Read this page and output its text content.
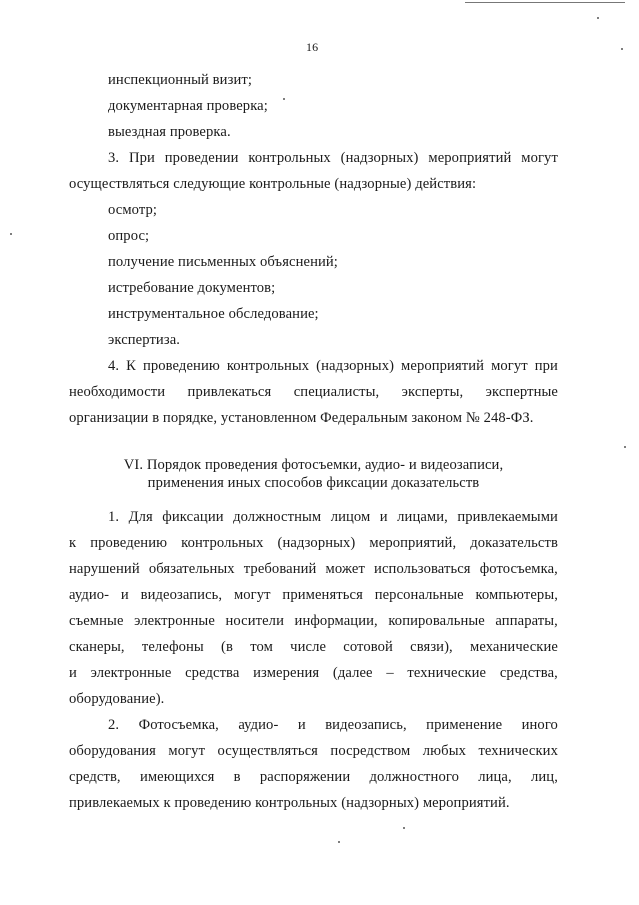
16
инспекционный визит;
документарная проверка;
выездная проверка.
3. При проведении контрольных (надзорных) мероприятий могут
осуществляться следующие контрольные (надзорные) действия:
осмотр;
опрос;
получение письменных объяснений;
истребование документов;
инструментальное обследование;
экспертиза.
4. К проведению контрольных (надзорных) мероприятий могут при
необходимости привлекаться специалисты, эксперты, экспертные
организации в порядке, установленном Федеральным законом № 248-ФЗ.
VI. Порядок проведения фотосъемки, аудио- и видеозаписи,
применения иных способов фиксации доказательств
1. Для фиксации должностным лицом и лицами, привлекаемыми
к проведению контрольных (надзорных) мероприятий, доказательств
нарушений обязательных требований может использоваться фотосъемка,
аудио- и видеозапись, могут применяться персональные компьютеры,
съемные электронные носители информации, копировальные аппараты,
сканеры, телефоны (в том числе сотовой связи), механические
и электронные средства измерения (далее – технические средства,
оборудование).
2. Фотосъемка, аудио- и видеозапись, применение иного
оборудования могут осуществляться посредством любых технических
средств, имеющихся в распоряжении должностного лица, лиц,
привлекаемых к проведению контрольных (надзорных) мероприятий.
